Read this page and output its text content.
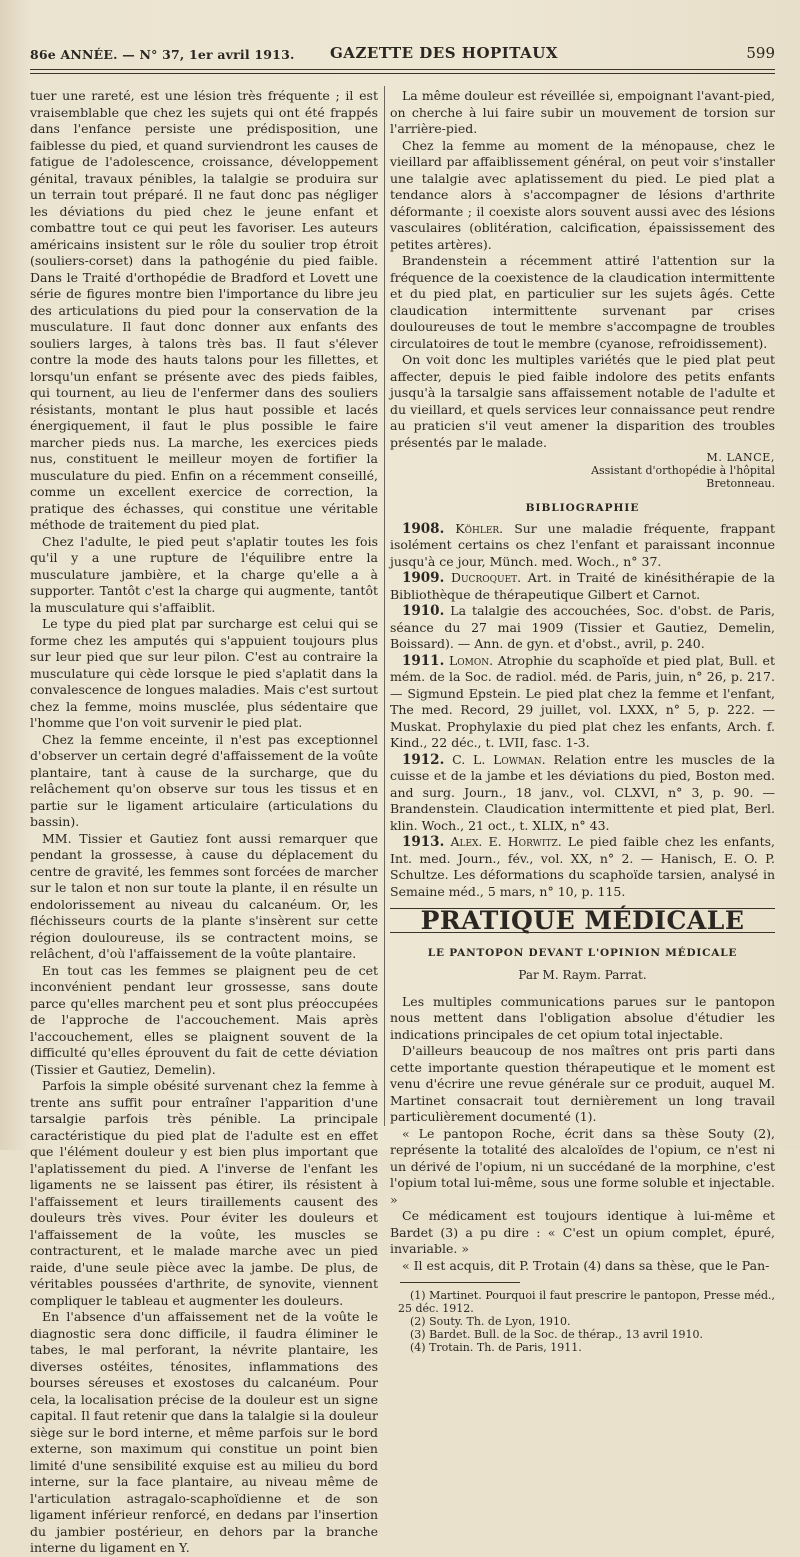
86e ANNÉE. — N° 37, 1er avril 1913. GAZETTE DES HOPITAUX	599

tuer une rareté, est une lésion très fréquente ; il est vraisemblable que chez les sujets qui ont été frappés dans l'enfance persiste une prédisposition, une faiblesse du pied, et quand surviendront les causes de fatigue de l'adolescence, croissance, développement génital, travaux pénibles, la talalgie se produira sur un terrain tout préparé. Il ne faut donc pas négliger les déviations du pied chez le jeune enfant et combattre tout ce qui peut les favoriser. Les auteurs américains insistent sur le rôle du soulier trop étroit (souliers-corset) dans la pathogénie du pied faible. Dans le Traité d'orthopédie de Bradford et Lovett une série de figures montre bien l'importance du libre jeu des articulations du pied pour la conservation de la musculature. Il faut donc donner aux enfants des souliers larges, à talons très bas. Il faut s'élever contre la mode des hauts talons pour les fillettes, et lorsqu'un enfant se présente avec des pieds faibles, qui tournent, au lieu de l'enfermer dans des souliers résistants, montant le plus haut possible et lacés énergiquement, il faut le plus possible le faire marcher pieds nus. La marche, les exercices pieds nus, constituent le meilleur moyen de fortifier la musculature du pied. Enfin on a récemment conseillé, comme un excellent exercice de correction, la pratique des échasses, qui constitue une véritable méthode de traitement du pied plat.

Chez l'adulte, le pied peut s'aplatir toutes les fois qu'il y a une rupture de l'équilibre entre la musculature jambière, et la charge qu'elle a à supporter. Tantôt c'est la charge qui augmente, tantôt la musculature qui s'affaiblit.

Le type du pied plat par surcharge est celui qui se forme chez les amputés qui s'appuient toujours plus sur leur pied que sur leur pilon. C'est au contraire la musculature qui cède lorsque le pied s'aplatit dans la convalescence de longues maladies. Mais c'est surtout chez la femme, moins musclée, plus sédentaire que l'homme que l'on voit survenir le pied plat.

Chez la femme enceinte, il n'est pas exceptionnel d'observer un certain degré d'affaissement de la voûte plantaire, tant à cause de la surcharge, que du relâchement qu'on observe sur tous les tissus et en partie sur le ligament articulaire (articulations du bassin).

MM. Tissier et Gautiez font aussi remarquer que pendant la grossesse, à cause du déplacement du centre de gravité, les femmes sont forcées de marcher sur le talon et non sur toute la plante, il en résulte un endolorissement au niveau du calcanéum. Or, les fléchisseurs courts de la plante s'insèrent sur cette région douloureuse, ils se contractent moins, se relâchent, d'où l'affaissement de la voûte plantaire.

En tout cas les femmes se plaignent peu de cet inconvénient pendant leur grossesse, sans doute parce qu'elles marchent peu et sont plus préoccupées de l'approche de l'accouchement. Mais après l'accouchement, elles se plaignent souvent de la difficulté qu'elles éprouvent du fait de cette déviation (Tissier et Gautiez, Demelin).

Parfois la simple obésité survenant chez la femme à trente ans suffit pour entraîner l'apparition d'une tarsalgie parfois très pénible. La principale caractéristique du pied plat de l'adulte est en effet que l'élément douleur y est bien plus important que l'aplatissement du pied. A l'inverse de l'enfant les ligaments ne se laissent pas étirer, ils résistent à l'affaissement et leurs tiraillements causent des douleurs très vives. Pour éviter les douleurs et l'affaissement de la voûte, les muscles se contracturent, et le malade marche avec un pied raide, d'une seule pièce avec la jambe. De plus, de véritables poussées d'arthrite, de synovite, viennent compliquer le tableau et augmenter les douleurs.

En l'absence d'un affaissement net de la voûte le diagnostic sera donc difficile, il faudra éliminer le tabes, le mal perforant, la névrite plantaire, les diverses ostéites, ténosites, inflammations des bourses séreuses et exostoses du calcanéum. Pour cela, la localisation précise de la douleur est un signe capital. Il faut retenir que dans la talalgie si la douleur siège sur le bord interne, et même parfois sur le bord externe, son maximum qui constitue un point bien limité d'une sensibilité exquise est au milieu du bord interne, sur la face plantaire, au niveau même de l'articulation astragalo-scaphoïdienne et de son ligament inférieur renforcé, en dedans par l'insertion du jambier postérieur, en dehors par la branche interne du ligament en Y.

La même douleur est réveillée si, empoignant l'avant-pied, on cherche à lui faire subir un mouvement de torsion sur l'arrière-pied.

Chez la femme au moment de la ménopause, chez le vieillard par affaiblissement général, on peut voir s'installer une talalgie avec aplatissement du pied. Le pied plat a tendance alors à s'accompagner de lésions d'arthrite déformante ; il coexiste alors souvent aussi avec des lésions vasculaires (oblitération, calcification, épaississement des petites artères).

Brandenstein a récemment attiré l'attention sur la fréquence de la coexistence de la claudication intermittente et du pied plat, en particulier sur les sujets âgés. Cette claudication intermittente survenant par crises douloureuses de tout le membre s'accompagne de troubles circulatoires de tout le membre (cyanose, refroidissement).

On voit donc les multiples variétés que le pied plat peut affecter, depuis le pied faible indolore des petits enfants jusqu'à la tarsalgie sans affaissement notable de l'adulte et du vieillard, et quels services leur connaissance peut rendre au praticien s'il veut amener la disparition des troubles présentés par le malade.

M. LANCE,
Assistant d'orthopédie à l'hôpital
Bretonneau.
BIBLIOGRAPHIE

1908. Köhler. Sur une maladie fréquente, frappant isolément certains os chez l'enfant et paraissant inconnue jusqu'à ce jour, Münch. med. Woch., n° 37.

1909. Ducroquet. Art. in Traité de kinésithérapie de la Bibliothèque de thérapeutique Gilbert et Carnot.

1910. La talalgie des accouchées, Soc. d'obst. de Paris, séance du 27 mai 1909 (Tissier et Gautiez, Demelin, Boissard). — Ann. de gyn. et d'obst., avril, p. 240.

1911. Lomon. Atrophie du scaphoïde et pied plat, Bull. et mém. de la Soc. de radiol. méd. de Paris, juin, n° 26, p. 217. — Sigmund Epstein. Le pied plat chez la femme et l'enfant, The med. Record, 29 juillet, vol. LXXX, n° 5, p. 222. — Muskat. Prophylaxie du pied plat chez les enfants, Arch. f. Kind., 22 déc., t. LVII, fasc. 1-3.

1912. C. L. Lowman. Relation entre les muscles de la cuisse et de la jambe et les déviations du pied, Boston med. and surg. Journ., 18 janv., vol. CLXVI, n° 3, p. 90. — Brandenstein. Claudication intermittente et pied plat, Berl. klin. Woch., 21 oct., t. XLIX, n° 43.

1913. Alex. E. Horwitz. Le pied faible chez les enfants, Int. med. Journ., fév., vol. XX, n° 2. — Hanisch, E. O. P. Schultze. Les déformations du scaphoïde tarsien, analysé in Semaine méd., 5 mars, n° 10, p. 115.

PRATIQUE MÉDICALE
LE PANTOPON DEVANT L'OPINION MÉDICALE
Par M. Raym. Parrat.

Les multiples communications parues sur le pantopon nous mettent dans l'obligation absolue d'étudier les indications principales de cet opium total injectable.

D'ailleurs beaucoup de nos maîtres ont pris parti dans cette importante question thérapeutique et le moment est venu d'écrire une revue générale sur ce produit, auquel M. Martinet consacrait tout dernièrement un long travail particulièrement documenté (1).

« Le pantopon Roche, écrit dans sa thèse Souty (2), représente la totalité des alcaloïdes de l'opium, ce n'est ni un dérivé de l'opium, ni un succédané de la morphine, c'est l'opium total lui-même, sous une forme soluble et injectable. »

Ce médicament est toujours identique à lui-même et Bardet (3) a pu dire : « C'est un opium complet, épuré, invariable. »

« Il est acquis, dit P. Trotain (4) dans sa thèse, que le Pan-

(1) Martinet. Pourquoi il faut prescrire le pantopon, Presse méd., 25 déc. 1912.

(2) Souty. Th. de Lyon, 1910.

(3) Bardet. Bull. de la Soc. de thérap., 13 avril 1910.

(4) Trotain. Th. de Paris, 1911.
